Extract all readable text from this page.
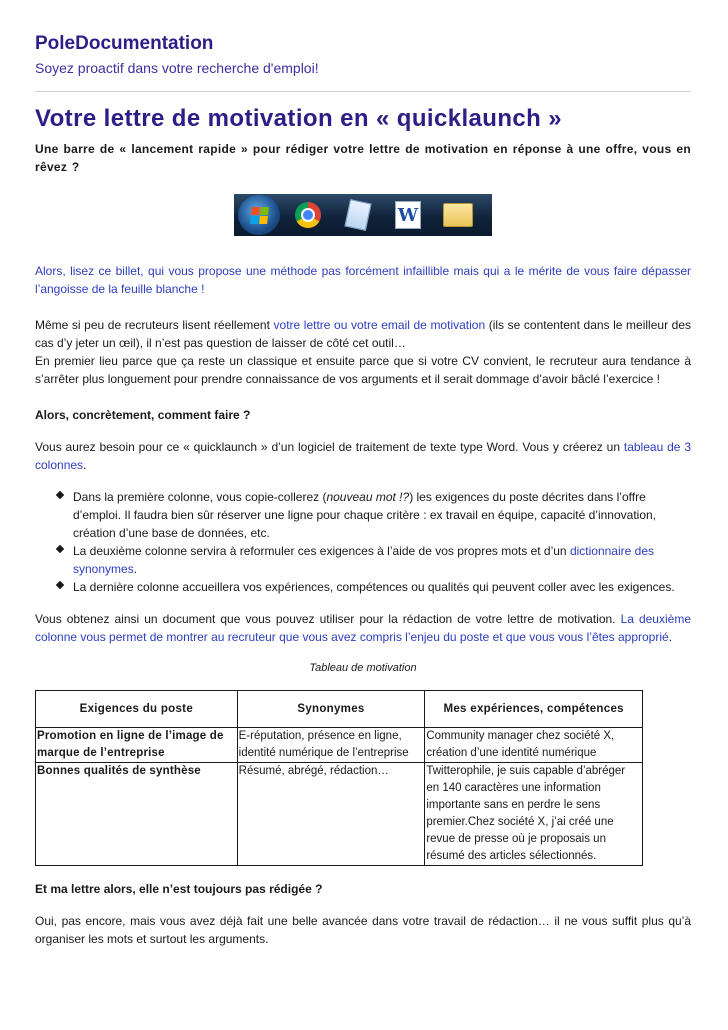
PoleDocumentation

Soyez proactif dans votre recherche d'emploi!

Votre lettre de motivation en « quicklaunch »

Une barre de « lancement rapide » pour rédiger votre lettre de motivation en réponse à une offre, vous en rêvez ?

W

Alors, lisez ce billet, qui vous propose une méthode pas forcément infaillible mais qui a le mérite de vous faire dépasser l’angoisse de la feuille blanche !

Même si peu de recruteurs lisent réellement votre lettre ou votre email de motivation (ils se contentent dans le meilleur des cas d’y jeter un œil), il n’est pas question de laisser de côté cet outil…

En premier lieu parce que ça reste un classique et ensuite parce que si votre CV convient, le recruteur aura tendance à s’arrêter plus longuement pour prendre connaissance de vos arguments et il serait dommage d’avoir bâclé l’exercice !

Alors, concrètement, comment faire ?

Vous aurez besoin pour ce « quicklaunch » d’un logiciel de traitement de texte type Word. Vous y créerez un tableau de 3 colonnes.

Dans la première colonne, vous copie-collerez (nouveau mot !?) les exigences du poste décrites dans l’offre d’emploi. Il faudra bien sûr réserver une ligne pour chaque critère : ex travail en équipe, capacité d’innovation, création d’une base de données, etc.
La deuxième colonne servira à reformuler ces exigences à l’aide de vos propres mots et d’un dictionnaire des synonymes.
La dernière colonne accueillera vos expériences, compétences ou qualités qui peuvent coller avec les exigences.

Vous obtenez ainsi un document que vous pouvez utiliser pour la rédaction de votre lettre de motivation. La deuxième colonne vous permet de montrer au recruteur que vous avez compris l’enjeu du poste et que vous vous l’êtes approprié.

Tableau de motivation

Exigences du poste	Synonymes	Mes expériences, compétences
Promotion en ligne de l’image de marque de l’entreprise	E-réputation, présence en ligne, identité numérique de l’entreprise	Community manager chez société X, création d’une identité numérique
Bonnes qualités de synthèse	Résumé, abrégé, rédaction…	Twitterophile, je suis capable d’abréger en 140 caractères une information importante sans en perdre le sens premier.Chez société X, j’ai créé une revue de presse où je proposais un résumé des articles sélectionnés.

Et ma lettre alors, elle n’est toujours pas rédigée ?

Oui, pas encore, mais vous avez déjà fait une belle avancée dans votre travail de rédaction… il ne vous suffit plus qu’à organiser les mots et surtout les arguments.
